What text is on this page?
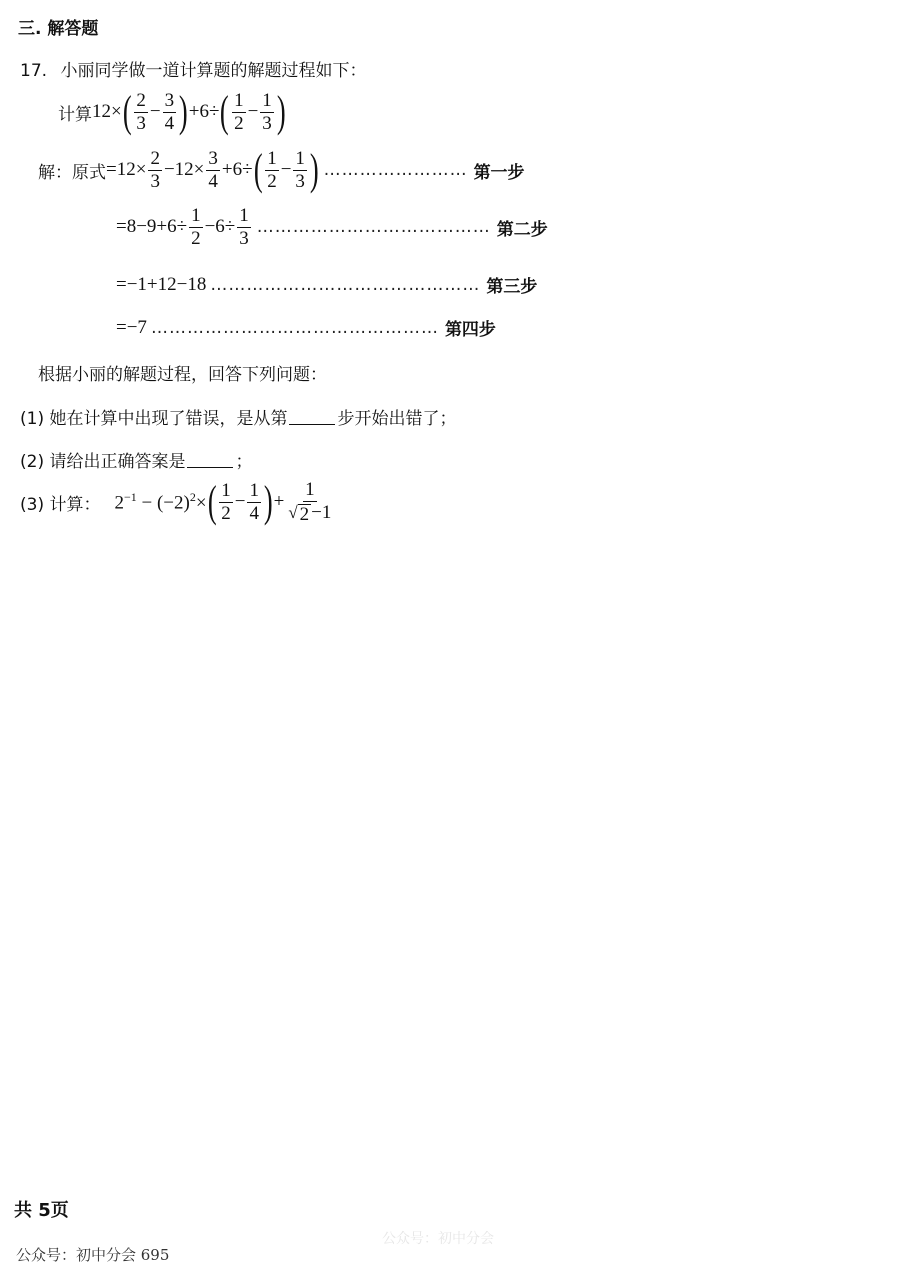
三. 解答题
17. 小丽同学做一道计算题的解题过程如下：
计算 12× ( $\frac{2}{3} - \frac{3}{4}$ ) +6÷ ( $\frac{1}{2} - \frac{1}{3}$ )
解：原式 $=12\times \frac{2}{3} -12\times \frac{3}{4} +6\div$ ( $\frac{1}{2} - \frac{1}{3}$ ) …………………… 第一步
$=8-9+6\div \frac{1}{2} -6\div \frac{1}{3}$ ………………………………… 第二步
=−1+12−18 ……………………………………… 第三步
=−7 ………………………………………… 第四步
根据小丽的解题过程，回答下列问题：
(1) 她在计算中出现了错误，是从第	步开始出错了；
(2) 请给出正确答案是	；
(3) 计算： $2^{-1} - (-2)^2\times$ ( $\frac{1}{2} - \frac{1}{4}$ ) + $\frac{1}{√ 2 -1}$
共 5页
公众号：初中分会
公众号：初中分会 695
